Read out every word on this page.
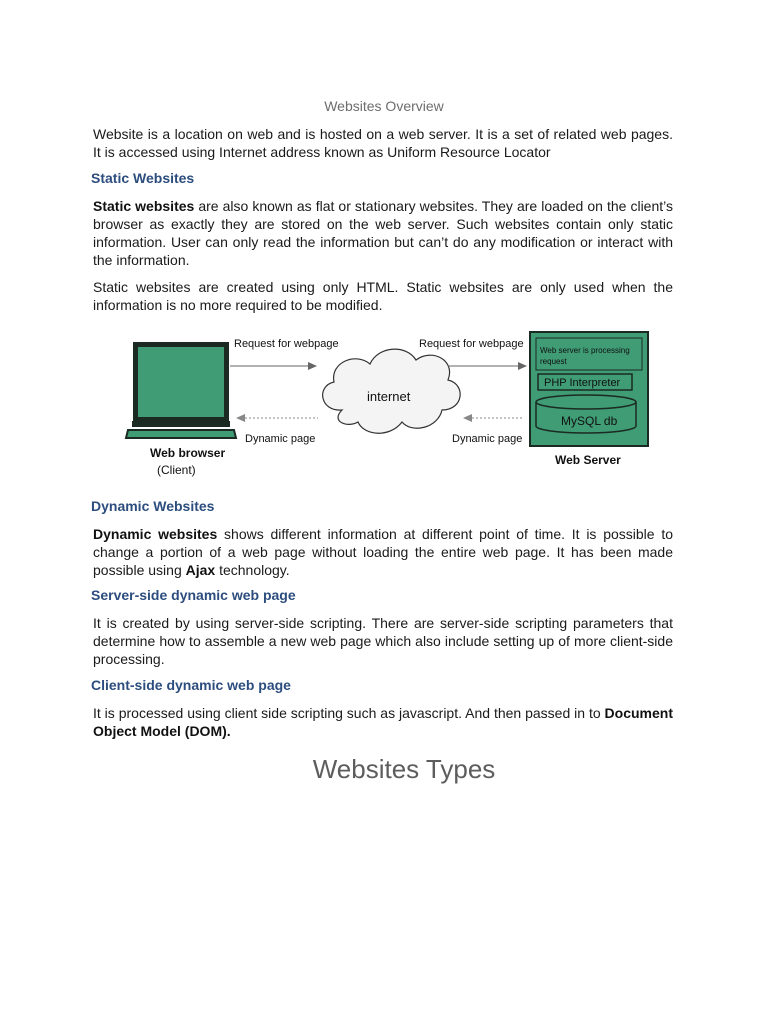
Websites Overview

Website is a location on web and is hosted on a web server. It is a set of related web pages. It is accessed using Internet address known as Uniform Resource Locator

Static Websites

Static websites are also known as flat or stationary websites. They are loaded on the client’s browser as exactly they are stored on the web server. Such websites contain only static information. User can only read the information but can’t do any modification or interact with the information.

Static websites are created using only HTML. Static websites are only used when the information is no more required to be modified.

Web browser
(Client)
Request for webpage
Dynamic page
internet
Request for webpage
Dynamic page
Web server is processing
request
PHP Interpreter
MySQL db
Web Server
Dynamic Websites

Dynamic websites shows different information at different point of time. It is possible to change a portion of a web page without loading the entire web page. It has been made possible using Ajax technology.

Server-side dynamic web page

It is created by using server-side scripting. There are server-side scripting parameters that determine how to assemble a new web page which also include setting up of more client-side processing.

Client-side dynamic web page

It is processed using client side scripting such as javascript. And then passed in to Document Object Model (DOM).

Websites Types
